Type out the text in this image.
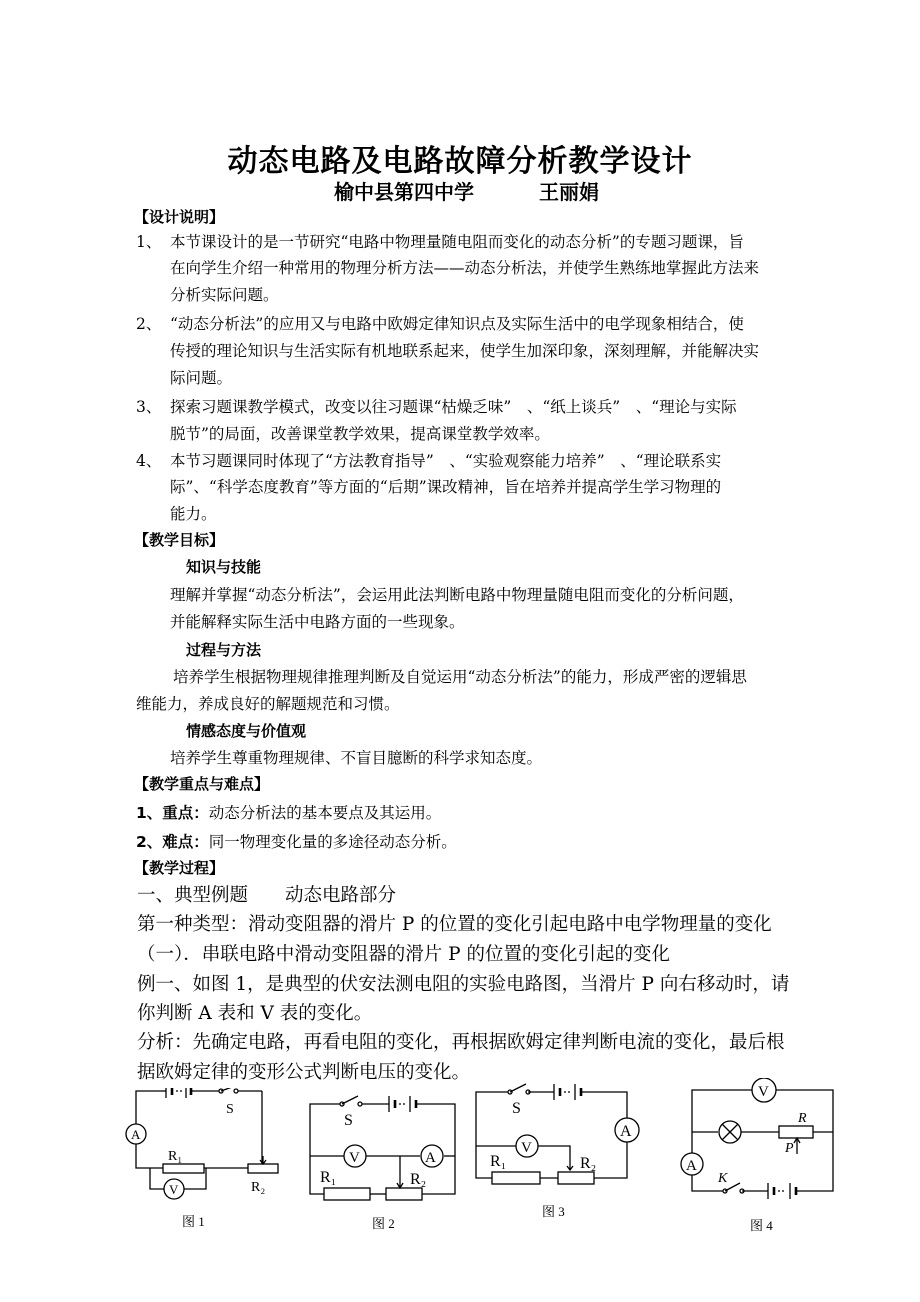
动态电路及电路故障分析教学设计
榆中县第四中学	王丽娟
【设计说明】
1、 本节课设计的是一节研究“电路中物理量随电阻而变化的动态分析”的专题习题课，旨
在向学生介绍一种常用的物理分析方法——动态分析法，并使学生熟练地掌握此方法来
分析实际问题。
2、 “动态分析法”的应用又与电路中欧姆定律知识点及实际生活中的电学现象相结合，使
传授的理论知识与生活实际有机地联系起来，使学生加深印象，深刻理解，并能解决实
际问题。
3、 探索习题课教学模式，改变以往习题课“枯燥乏味”　、“纸上谈兵”　、“理论与实际
脱节”的局面，改善课堂教学效果，提高课堂教学效率。
4、 本节习题课同时体现了“方法教育指导”　、“实验观察能力培养”　、“理论联系实
际”、“科学态度教育”等方面的“后期”课改精神，旨在培养并提高学生学习物理的
能力。
【教学目标】
知识与技能
理解并掌握“动态分析法”，会运用此法判断电路中物理量随电阻而变化的分析问题，
并能解释实际生活中电路方面的一些现象。
过程与方法
培养学生根据物理规律推理判断及自觉运用“动态分析法”的能力，形成严密的逻辑思
维能力，养成良好的解题规范和习惯。
情感态度与价值观
培养学生尊重物理规律、不盲目臆断的科学求知态度。
【教学重点与难点】
1、重点：动态分析法的基本要点及其运用。
2、难点：同一物理变化量的多途径动态分析。
【教学过程】
一、典型例题　　动态电路部分
第一种类型：滑动变阻器的滑片 P 的位置的变化引起电路中电学物理量的变化
（一）．串联电路中滑动变阻器的滑片 P 的位置的变化引起的变化
例一、如图 1，是典型的伏安法测电阻的实验电路图，当滑片 P 向右移动时，请
你判断 A 表和 V 表的变化。
分析：先确定电路，再看电阻的变化，再根据欧姆定律判断电流的变化，最后根
据欧姆定律的变形公式判断电压的变化。
S
A
R₁
R₂
V
图 1
S
V	A
R₁	R₂
图 2
S
A
V
R₁	R₂
图 3
V
R
P
A
K
图 4
